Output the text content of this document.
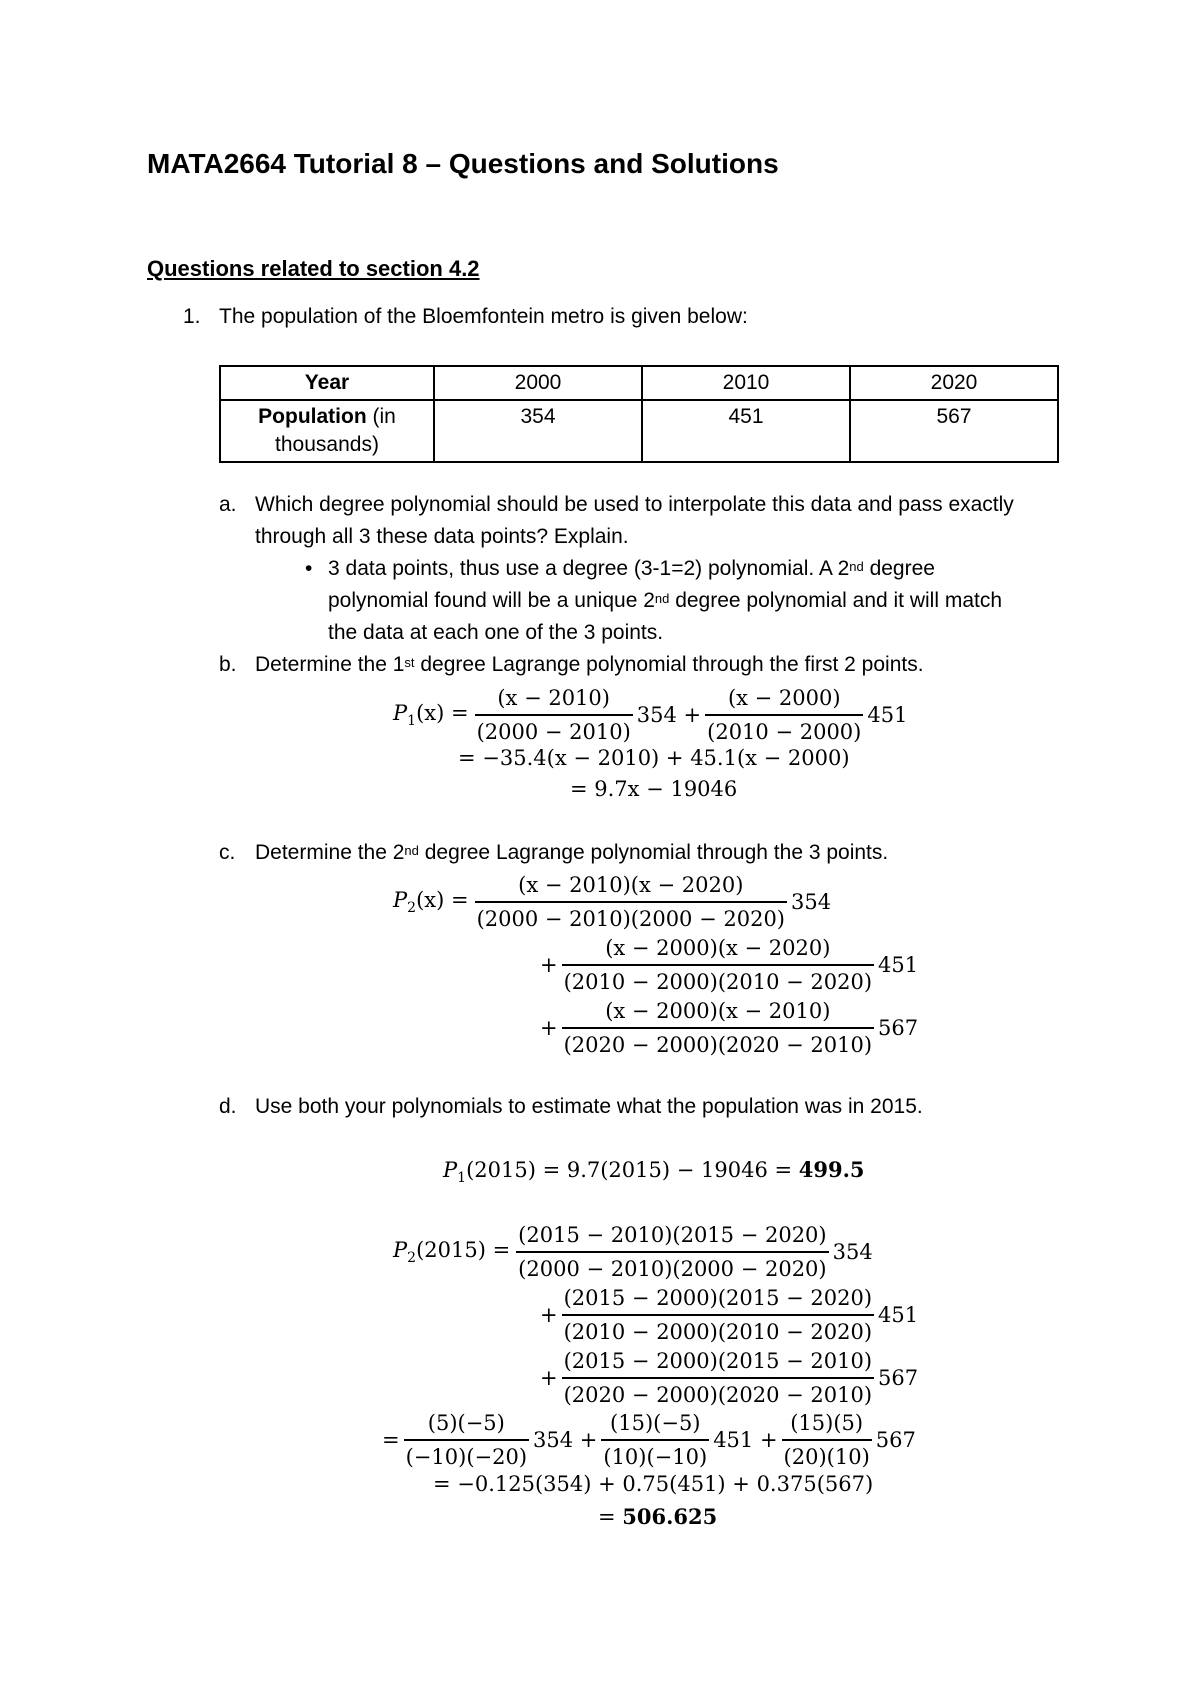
MATA2664 Tutorial 8 – Questions and Solutions
Questions related to section 4.2
1. The population of the Bloemfontein metro is given below:
Year	2000	2010	2020
Population (in thousands)	354	451	567
a. Which degree polynomial should be used to interpolate this data and pass exactly
through all 3 these data points? Explain.
• 3 data points, thus use a degree (3-1=2) polynomial. A 2nd degree
polynomial found will be a unique 2nd degree polynomial and it will match
the data at each one of the 3 points.
b. Determine the 1st degree Lagrange polynomial through the first 2 points.
$P_1(x) = \frac{(x - 2010)}{(2000 - 2010)} 354 + \frac{(x - 2000)}{(2010 - 2000)} 451$
= −35.4(x − 2010) + 45.1(x − 2000)
= 9.7x − 19046
c. Determine the 2nd degree Lagrange polynomial through the 3 points.
$P_2(x) = \frac{(x - 2010)(x - 2020)}{(2000 - 2010)(2000 - 2020)} 354$
+ $\frac{(x - 2000)(x - 2020)}{(2010 - 2000)(2010 - 2020)} 451$
+ $\frac{(x - 2000)(x - 2010)}{(2020 - 2000)(2020 - 2010)} 567$
d. Use both your polynomials to estimate what the population was in 2015.
$P_1(2015) = 9.7(2015) - 19046 = 499.5$
$P_2(2015) = \frac{(2015 - 2010)(2015 - 2020)}{(2000 - 2010)(2000 - 2020)} 354$
+ $\frac{(2015 - 2000)(2015 - 2020)}{(2010 - 2000)(2010 - 2020)} 451$
+ $\frac{(2015 - 2000)(2015 - 2010)}{(2020 - 2000)(2020 - 2010)} 567$
= $\frac{(5)(-5)}{(-10)(-20)} 354 + \frac{(15)(-5)}{(10)(-10)} 451 + \frac{(15)(5)}{(20)(10)} 567$
= −0.125(354) + 0.75(451) + 0.375(567)
= 506.625
